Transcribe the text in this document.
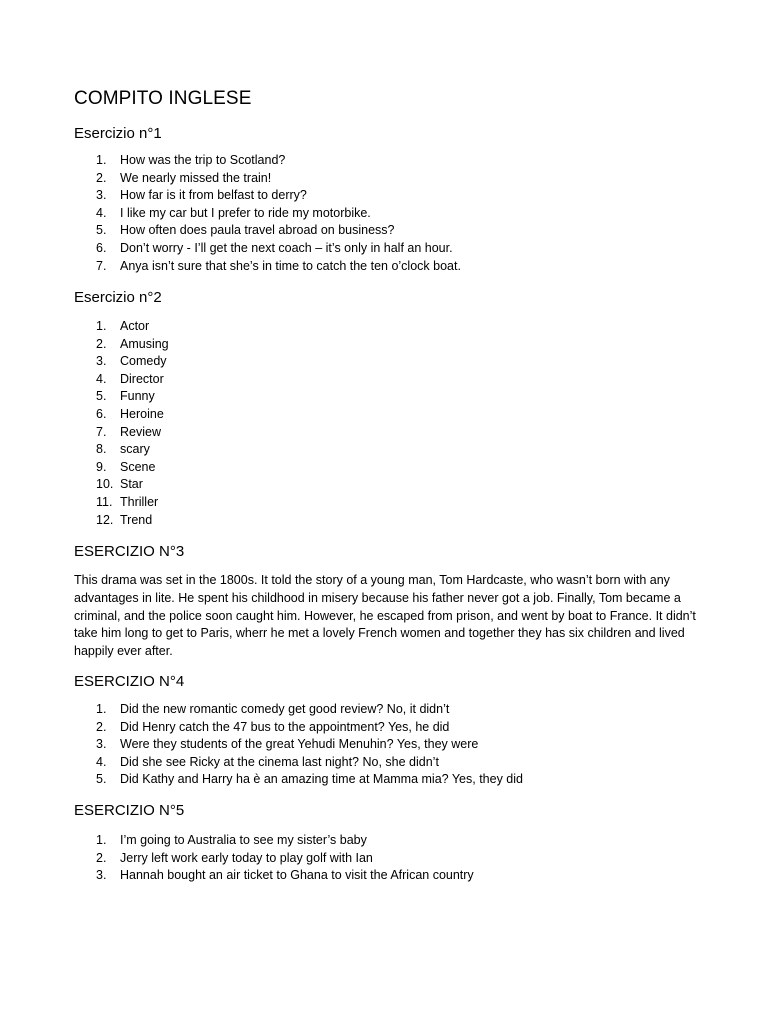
COMPITO INGLESE
Esercizio n°1
1. How was the trip to Scotland?
2. We nearly missed the train!
3. How far is it from belfast to derry?
4. I like my car but I prefer to ride my motorbike.
5. How often does paula travel abroad on business?
6. Don’t worry - I’ll get the next coach – it’s only in half an hour.
7. Anya isn’t sure that she’s in time to catch the ten o’clock boat.
Esercizio n°2
1. Actor
2. Amusing
3. Comedy
4. Director
5. Funny
6. Heroine
7. Review
8. scary
9. Scene
10. Star
11. Thriller
12. Trend
ESERCIZIO N°3

This drama was set in the 1800s. It told the story of a young man, Tom Hardcaste, who wasn’t born with any advantages in lite. He spent his childhood in misery because his father never got a job. Finally, Tom became a criminal, and the police soon caught him. However, he escaped from prison, and went by boat to France. It didn’t take him long to get to Paris, wherr he met a lovely French women and together they has six children and lived happily ever after.

ESERCIZIO N°4
1. Did the new romantic comedy get good review? No, it didn’t
2. Did Henry catch the 47 bus to the appointment? Yes, he did
3. Were they students of the great Yehudi Menuhin? Yes, they were
4. Did she see Ricky at the cinema last night? No, she didn’t
5. Did Kathy and Harry ha è an amazing time at Mamma mia? Yes, they did
ESERCIZIO N°5
1. I’m going to Australia to see my sister’s baby
2. Jerry left work early today to play golf with Ian
3. Hannah bought an air ticket to Ghana to visit the African country
